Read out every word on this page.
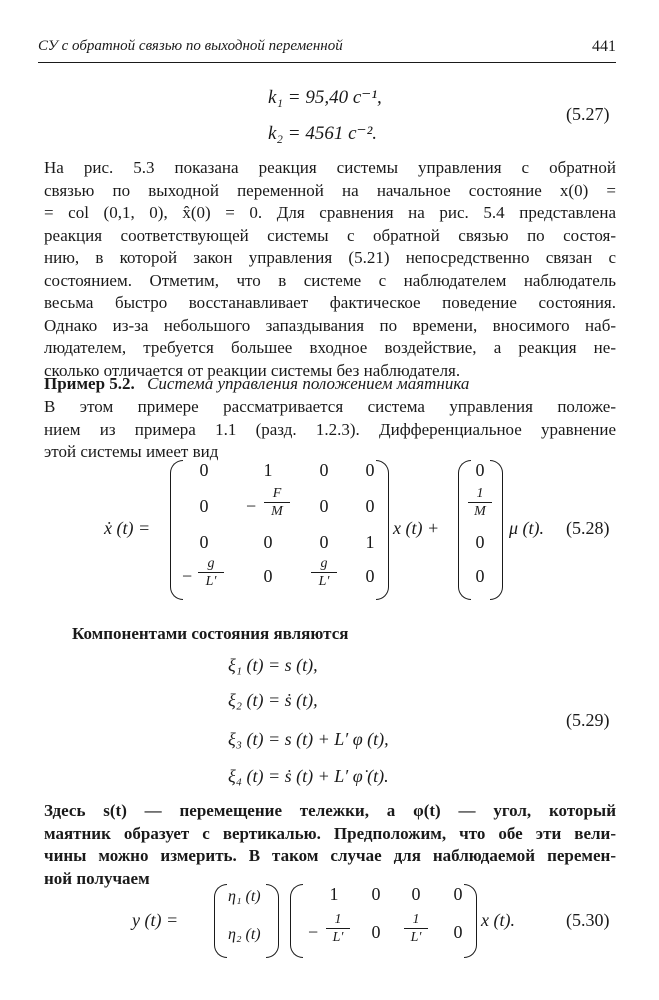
СУ с обратной связью по выходной переменной	441
k₁ = 95,40 c⁻¹,
k₂ = 4561 c⁻².
(5.27)
На рис. 5.3 показана реакция системы управления с обратной
связью по выходной переменной на начальное состояние x(0) =
= col (0,1, 0), x̂(0) = 0. Для сравнения на рис. 5.4 представлена
реакция соответствующей системы с обратной связью по состоя-
нию, в которой закон управления (5.21) непосредственно связан с
состоянием. Отметим, что в системе с наблюдателем наблюдатель
весьма быстро восстанавливает фактическое поведение состояния.
Однако из-за небольшого запаздывания по времени, вносимого наб-
людателем, требуется большее входное воздействие, а реакция не-
сколько отличается от реакции системы без наблюдателя.
Пример 5.2. Система управления положением маятника
В этом примере рассматривается система управления положе-
нием из примера 1.1 (разд. 1.2.3). Дифференциальное уравнение
этой системы имеет вид
ẋ (t) =
0	1	0	0
0	− $\frac{F}{M}$	0	0
0	0	0	1
− $\frac{g}{L'}$	0	$\frac{g}{L'}$	0
x (t) +
0
$\frac{1}{M}$
0
0
μ (t). (5.28)
Компонентами состояния являются
ξ₁ (t) = s (t),
ξ₂ (t) = ṡ (t),
ξ₃ (t) = s (t) + L′ φ (t),
ξ₄ (t) = ṡ (t) + L′ φ̇ (t).
(5.29)
Здесь s(t) — перемещение тележки, а φ(t) — угол, который
маятник образует с вертикалью. Предположим, что обе эти вели-
чины можно измерить. В таком случае для наблюдаемой перемен-
ной получаем
y (t) =
η₁ (t)
η₂ (t)
1	0	0	0
− $\frac{1}{L'}$	0	$\frac{1}{L'}$	0
x (t).	(5.30)
